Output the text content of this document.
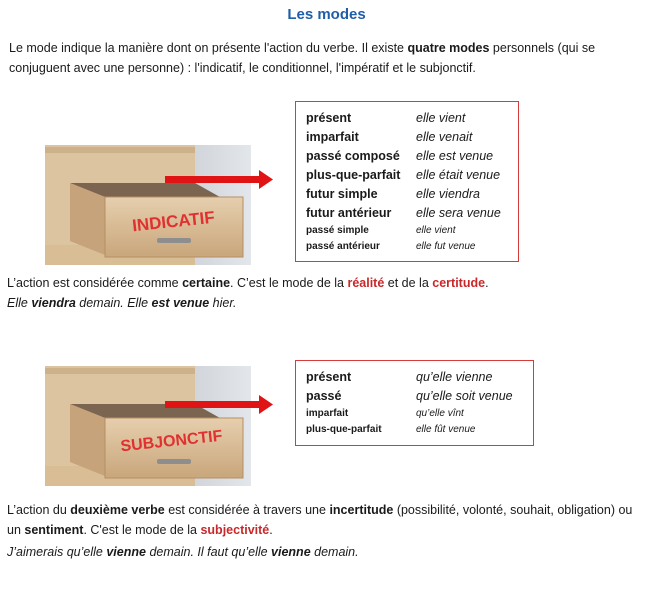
Les modes
Le mode indique la manière dont on présente l'action du verbe. Il existe quatre modes personnels (qui se conjuguent avec une personne) : l'indicatif, le conditionnel, l'impératif et le subjonctif.
INDICATIF
présent	elle vient
imparfait	elle venait
passé composé	elle est venue
plus-que-parfait	elle était venue
futur simple	elle viendra
futur antérieur	elle sera venue
passé simple	elle vient
passé antérieur	elle fut venue
L’action est considérée comme certaine. C’est le mode de la réalité et de la certitude.
Elle viendra demain. Elle est venue hier.
SUBJONCTIF
présent	qu’elle vienne
passé	qu’elle soit venue
imparfait	qu’elle vînt
plus-que-parfait	elle fût venue
L’action du deuxième verbe est considérée à travers une incertitude (possibilité, volonté, souhait, obligation) ou un sentiment. C'est le mode de la subjectivité.
J’aimerais qu’elle vienne demain. Il faut qu’elle vienne demain.
